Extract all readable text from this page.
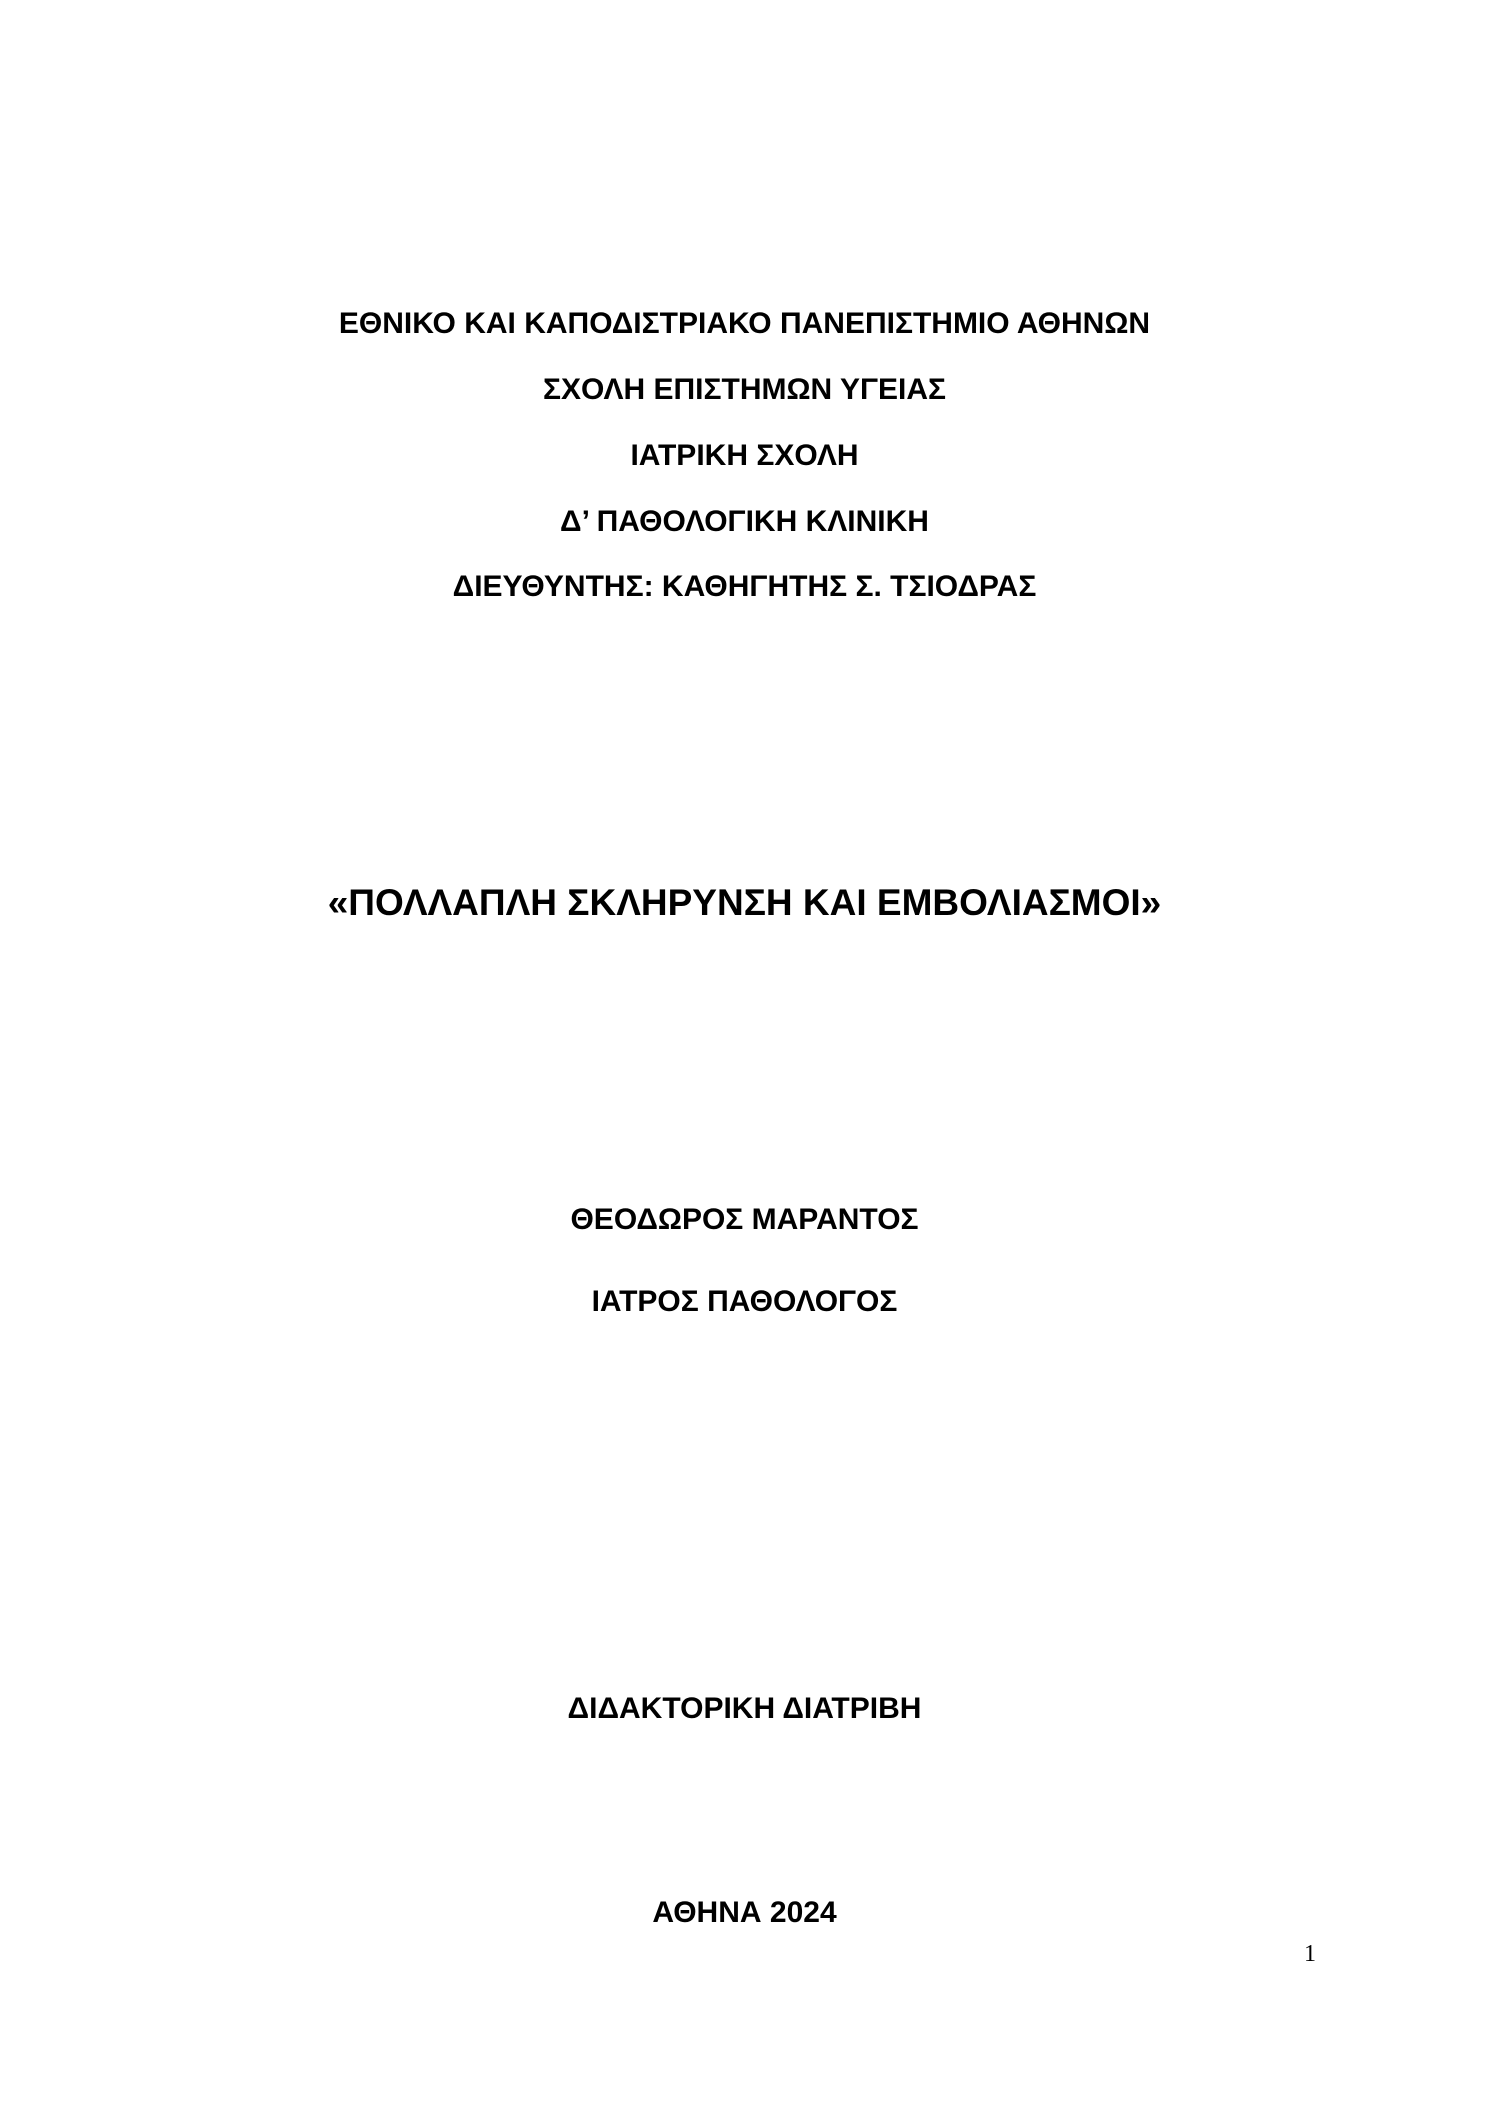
ΕΘΝΙΚΟ ΚΑΙ ΚΑΠΟΔΙΣΤΡΙΑΚΟ ΠΑΝΕΠΙΣΤΗΜΙΟ ΑΘΗΝΩΝ
ΣΧΟΛΗ ΕΠΙΣΤΗΜΩΝ ΥΓΕΙΑΣ
ΙΑΤΡΙΚΗ ΣΧΟΛΗ
Δ’ ΠΑΘΟΛΟΓΙΚΗ ΚΛΙΝΙΚΗ
ΔΙΕΥΘΥΝΤΗΣ: ΚΑΘΗΓΗΤΗΣ Σ. ΤΣΙΟΔΡΑΣ
«ΠΟΛΛΑΠΛΗ ΣΚΛΗΡΥΝΣΗ ΚΑΙ ΕΜΒΟΛΙΑΣΜΟΙ»
ΘΕΟΔΩΡΟΣ ΜΑΡΑΝΤΟΣ
ΙΑΤΡΟΣ ΠΑΘΟΛΟΓΟΣ
ΔΙΔΑΚΤΟΡΙΚΗ ΔΙΑΤΡΙΒΗ
ΑΘΗΝΑ 2024
1
